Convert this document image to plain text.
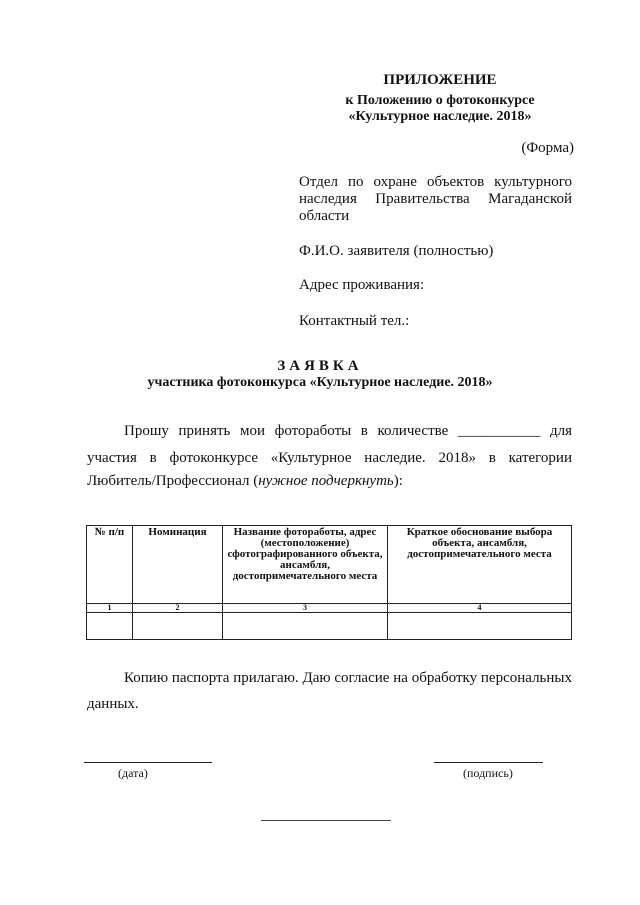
ПРИЛОЖЕНИЕ
к Положению о фотоконкурсе
«Культурное наследие. 2018»
(Форма)
Отдел по охране объектов культурного наследия Правительства Магаданской области
Ф.И.О. заявителя (полностью)
Адрес проживания:
Контактный тел.:
ЗАЯВКА
участника фотоконкурса «Культурное наследие. 2018»
Прошу принять мои фотоработы в количестве ___________ для
участия в фотоконкурсе «Культурное наследие. 2018» в категории
Любитель/Профессионал (нужное подчеркнуть):
№ п/п	Номинация	Название фотоработы, адрес (местоположение) сфотографированного объекта, ансамбля, достопримечательного места	Краткое обоснование выбора объекта, ансамбля, достопримечательного места
1	2	3	4

Копию паспорта прилагаю. Даю согласие на обработку персональных
данных.
(дата)	(подпись)
